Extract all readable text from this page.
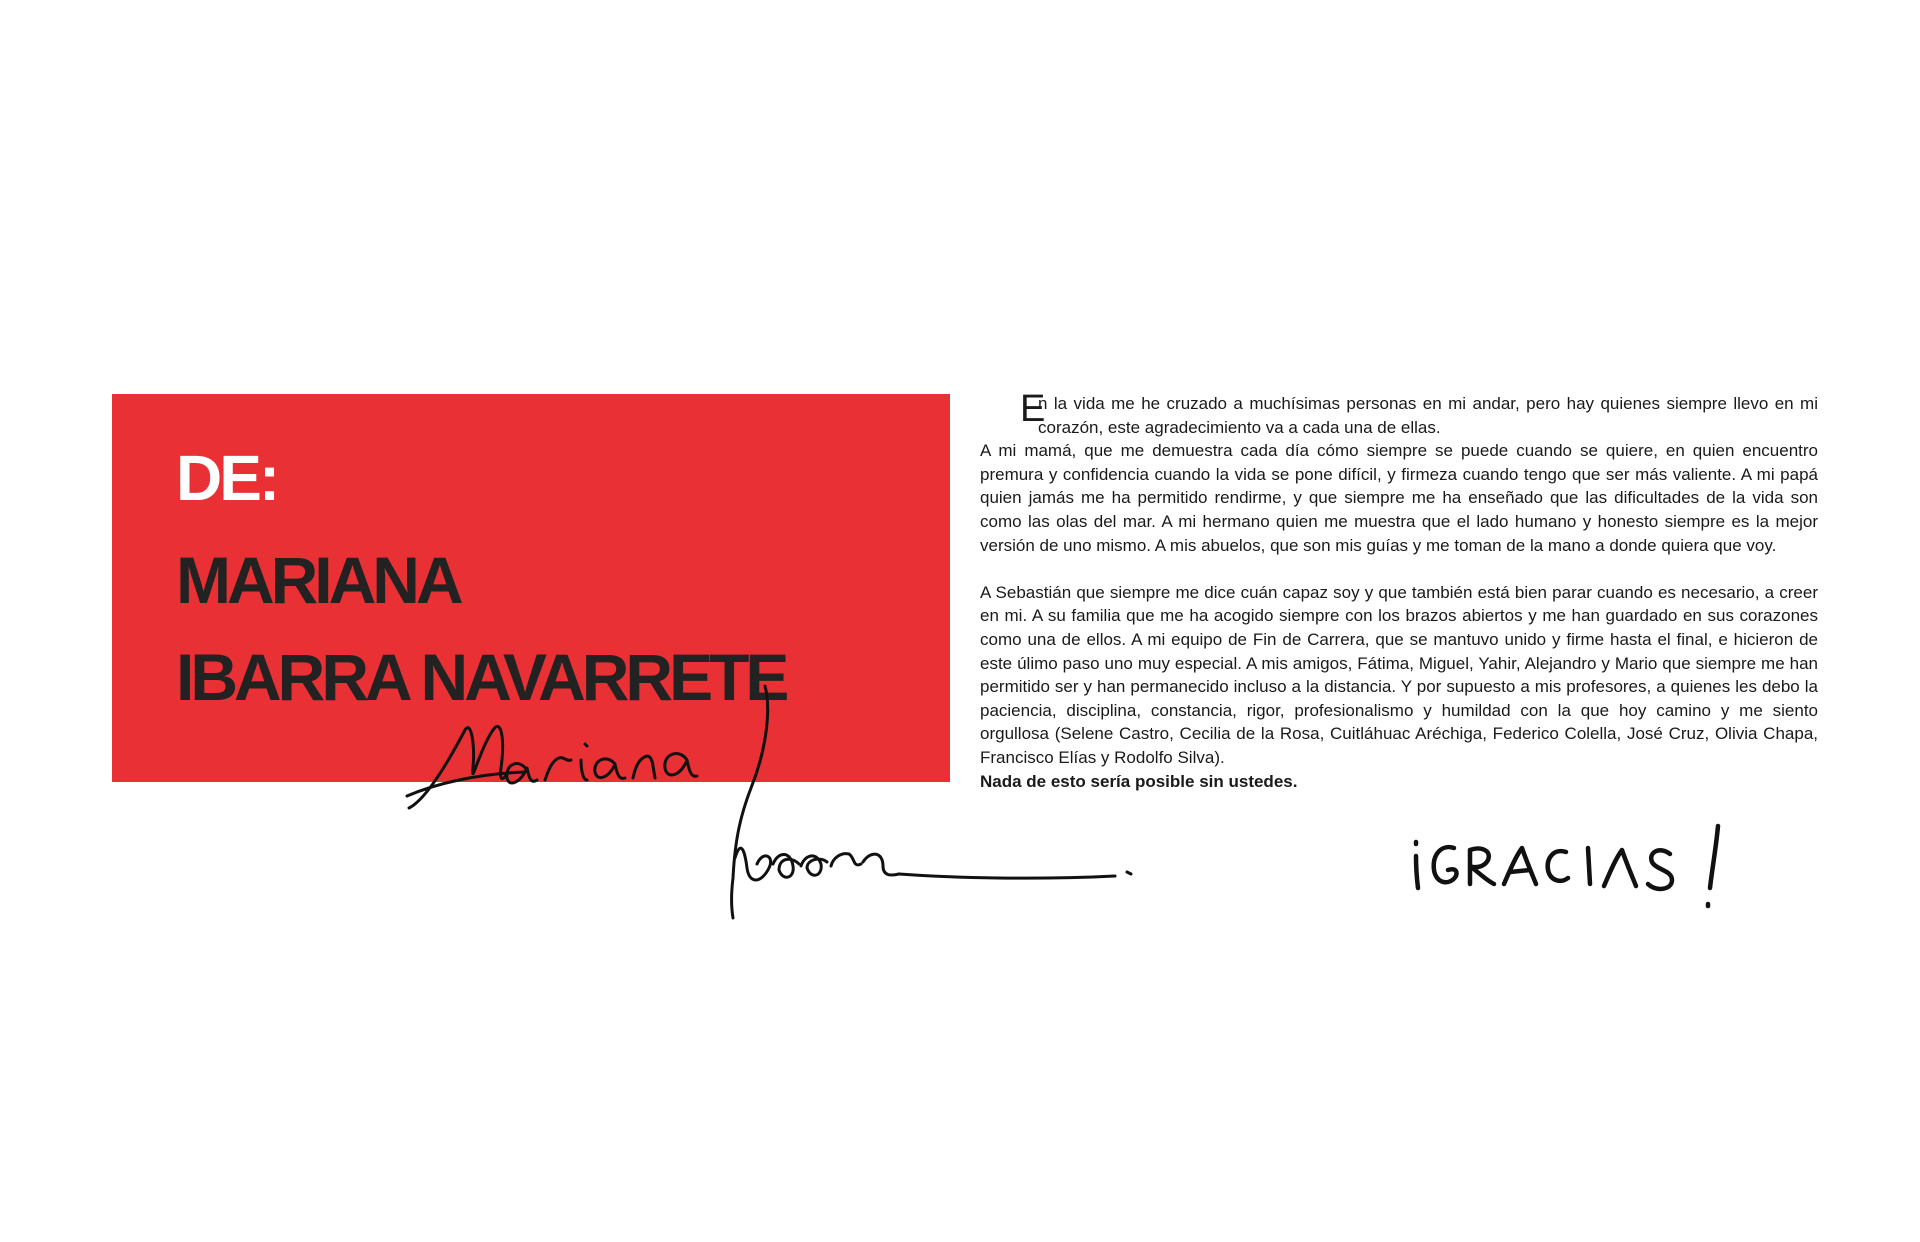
DE:
MARIANA
IBARRA NAVARRETE

E
n la vida me he cruzado a muchísimas personas en mi andar, pero hay quienes siempre llevo en mi corazón, este agradecimiento va a cada una de ellas.

A mi mamá, que me demuestra cada día cómo siempre se puede cuando se quiere, en quien encuentro premura y confidencia cuando la vida se pone difícil, y firmeza cuando tengo que ser más valiente. A mi papá quien jamás me ha permitido rendirme, y que siempre me ha enseñado que las dificultades de la vida son como las olas del mar. A mi hermano quien me muestra que el lado humano y honesto siempre es la mejor versión de uno mismo. A mis abuelos, que son mis guías y me toman de la mano a donde quiera que voy.

A Sebastián que siempre me dice cuán capaz soy y que también está bien parar cuando es necesario, a creer en mi. A su familia que me ha acogido siempre con los brazos abiertos y me han guardado en sus corazones como una de ellos. A mi equipo de Fin de Carrera, que se mantuvo unido y firme hasta el final, e hicieron de este úlimo paso uno muy especial. A mis amigos, Fátima, Miguel, Yahir, Alejandro y Mario que siempre me han permitido ser y han permanecido incluso a la distancia. Y por supuesto a mis profesores, a quienes les debo la paciencia, disciplina, constancia, rigor, profesionalismo y humildad con la que hoy camino y me siento orgullosa (Selene Castro, Cecilia de la Rosa, Cuitláhuac Aréchiga, Federico Colella, José Cruz, Olivia Chapa, Francisco Elías y Rodolfo Silva).

Nada de esto sería posible sin ustedes.
